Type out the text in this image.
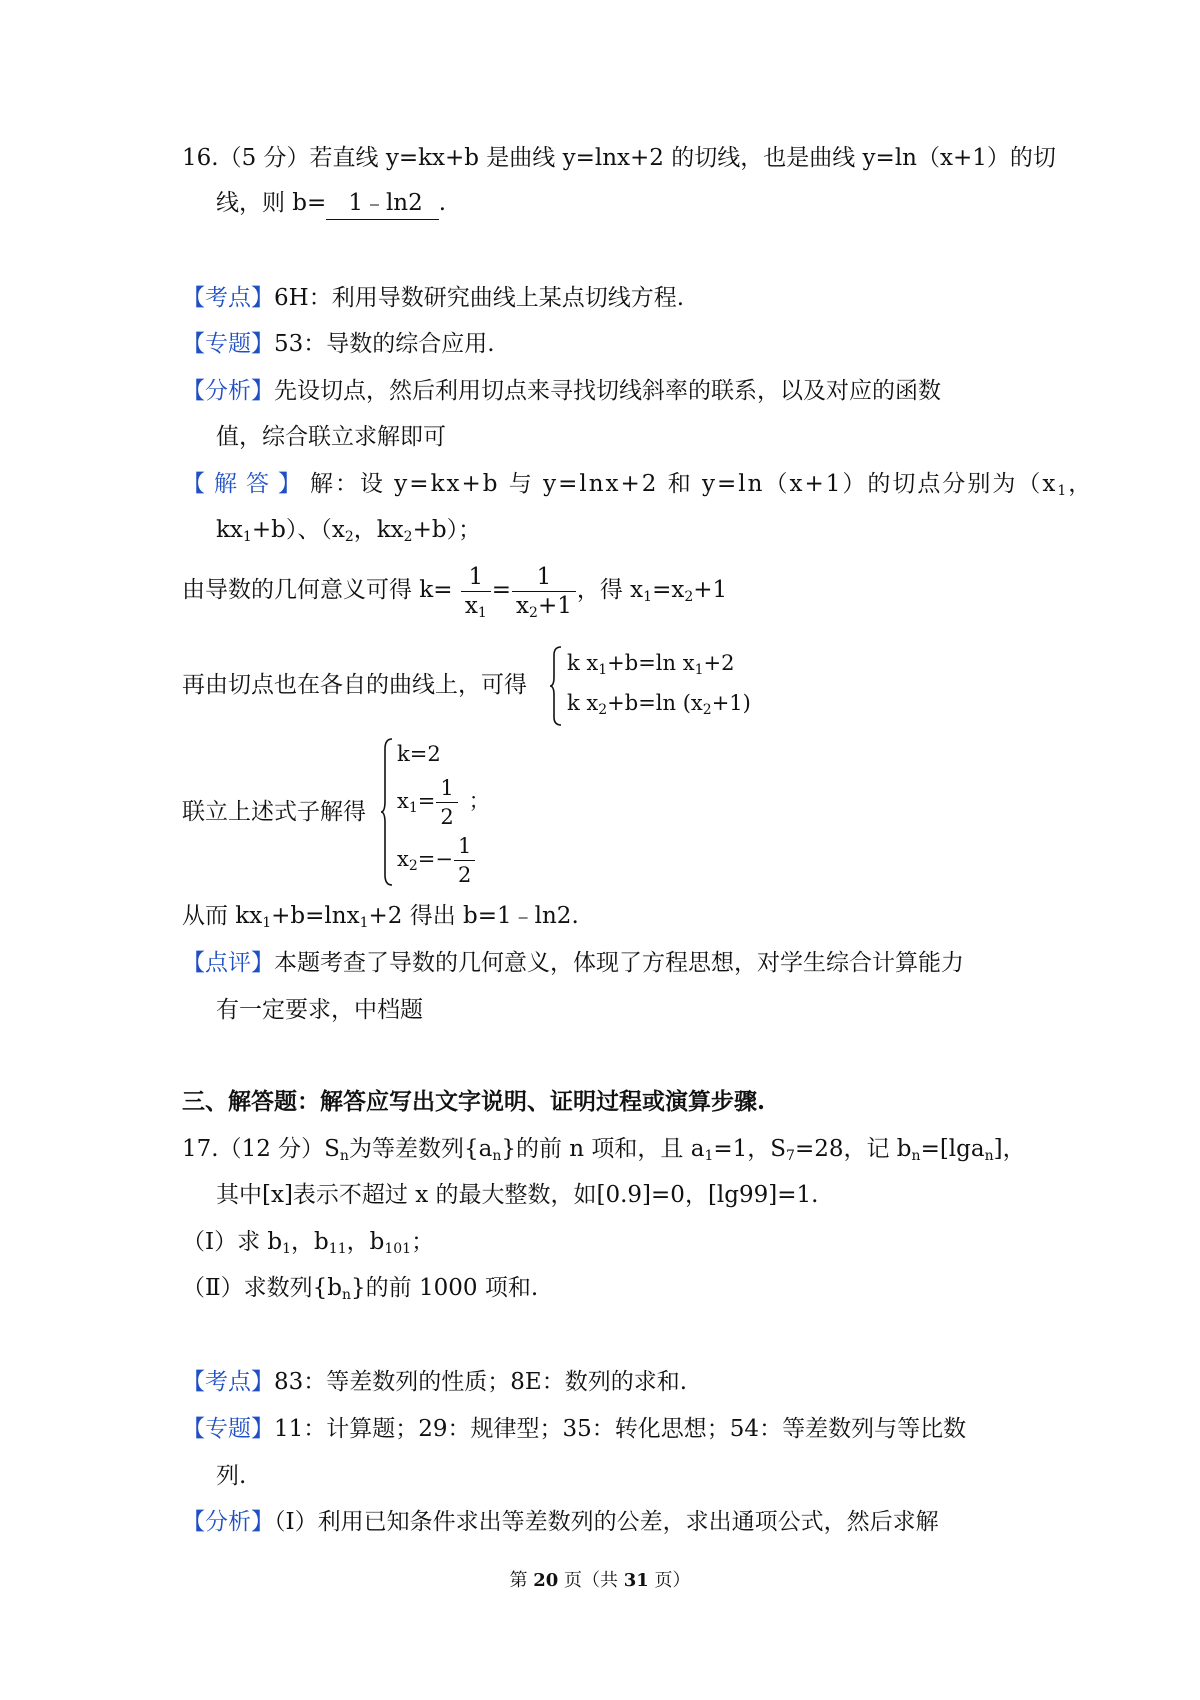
16.（5 分）若直线 y=kx+b 是曲线 y=lnx+2 的切线，也是曲线 y=ln（x+1）的切
线，则 b= 1﹣ln2 .
【考点】6H：利用导数研究曲线上某点切线方程.
【专题】53：导数的综合应用.
【分析】先设切点，然后利用切点来寻找切线斜率的联系，以及对应的函数
值，综合联立求解即可
【解答】解：设 y=kx+b 与 y=lnx+2 和 y=ln（x+1）的切点分别为（$x_1$，
$kx_1+b$）、（$x_2$，$kx_2+b$）；
由导数的几何意义可得 $k= \frac{1}{x_1} = \frac{1}{x_2+1}$ ，得 $x_1=x_2+1$
再由切点也在各自的曲线上，可得
k $x_1+b=\ln$ $x_1+2$
k $x_2+b=\ln$ $(x_2+1)$
联立上述式子解得
k=2
$x_1= \frac{1}{2}$ ；
$x_2=- \frac{1}{2}$
从而 $kx_1+b=\ln x_1+2$ 得出 b=1﹣ln2.
【点评】本题考查了导数的几何意义，体现了方程思想，对学生综合计算能力
有一定要求，中档题
三、解答题：解答应写出文字说明、证明过程或演算步骤.
17.（12 分）$S_n$为等差数列$\{a_n\}$的前 n 项和，且 $a_1=1$，$S_7=28$，记 $b_n=[\lg a_n]$，
其中[x]表示不超过 x 的最大整数，如[0.9]=0，[lg99]=1.
（Ⅰ）求 $b_1$，$b_{11}$，$b_{101}$；
（Ⅱ）求数列$\{b_n\}$的前 1000 项和.
【考点】83：等差数列的性质；8E：数列的求和.
【专题】11：计算题；29：规律型；35：转化思想；54：等差数列与等比数
列.
【分析】（Ⅰ）利用已知条件求出等差数列的公差，求出通项公式，然后求解
第 20 页（共 31 页）
